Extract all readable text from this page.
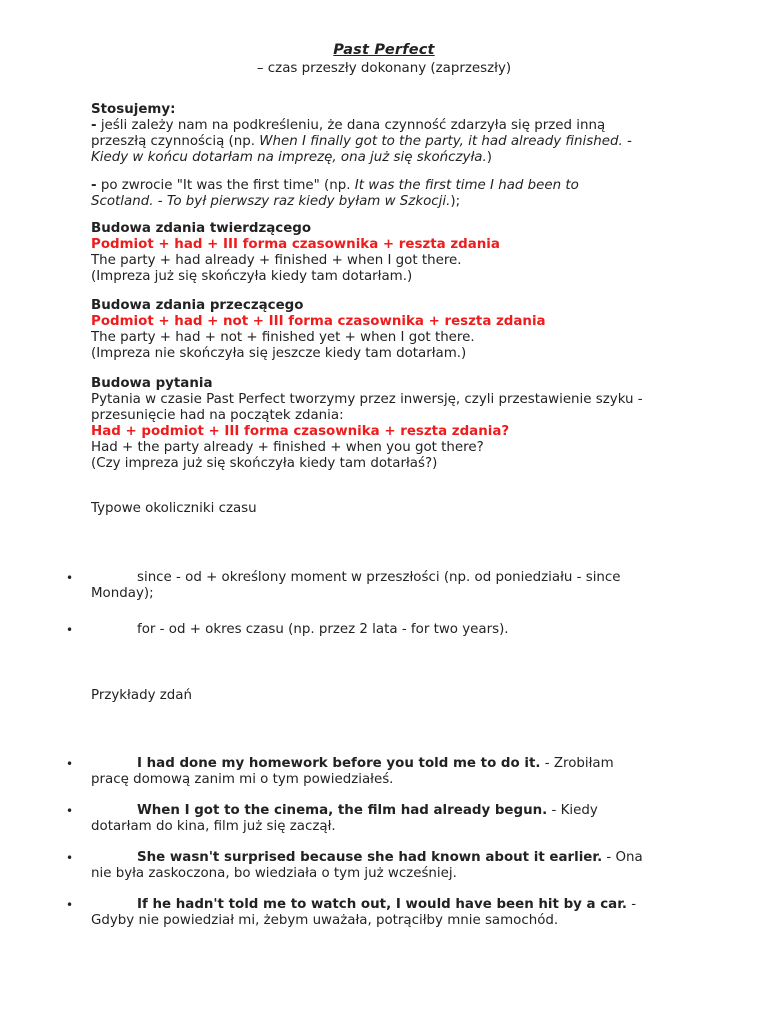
Past Perfect
– czas przeszły dokonany (zaprzeszły)
Stosujemy:
- jeśli zależy nam na podkreśleniu, że dana czynność zdarzyła się przed inną
przeszłą czynnością (np. When I finally got to the party, it had already finished. -
Kiedy w końcu dotarłam na imprezę, ona już się skończyła.)
- po zwrocie "It was the first time" (np. It was the first time I had been to
Scotland. - To był pierwszy raz kiedy byłam w Szkocji.);
Budowa zdania twierdzącego
Podmiot + had + III forma czasownika + reszta zdania
The party + had already + finished + when I got there.
(Impreza już się skończyła kiedy tam dotarłam.)
Budowa zdania przeczącego
Podmiot + had + not + III forma czasownika + reszta zdania
The party + had + not + finished yet + when I got there.
(Impreza nie skończyła się jeszcze kiedy tam dotarłam.)
Budowa pytania
Pytania w czasie Past Perfect tworzymy przez inwersję, czyli przestawienie szyku -
przesunięcie had na początek zdania:
Had + podmiot + III forma czasownika + reszta zdania?
Had + the party already + finished + when you got there?
(Czy impreza już się skończyła kiedy tam dotarłaś?)
Typowe okoliczniki czasu
•	since - od + określony moment w przeszłości (np. od poniedziału - since
Monday);
•	for - od + okres czasu (np. przez 2 lata - for two years).
Przykłady zdań
•	I had done my homework before you told me to do it. - Zrobiłam
pracę domową zanim mi o tym powiedziałeś.
•	When I got to the cinema, the film had already begun. - Kiedy
dotarłam do kina, film już się zaczął.
•	She wasn't surprised because she had known about it earlier. - Ona
nie była zaskoczona, bo wiedziała o tym już wcześniej.
•	If he hadn't told me to watch out, I would have been hit by a car. -
Gdyby nie powiedział mi, żebym uważała, potrąciłby mnie samochód.
